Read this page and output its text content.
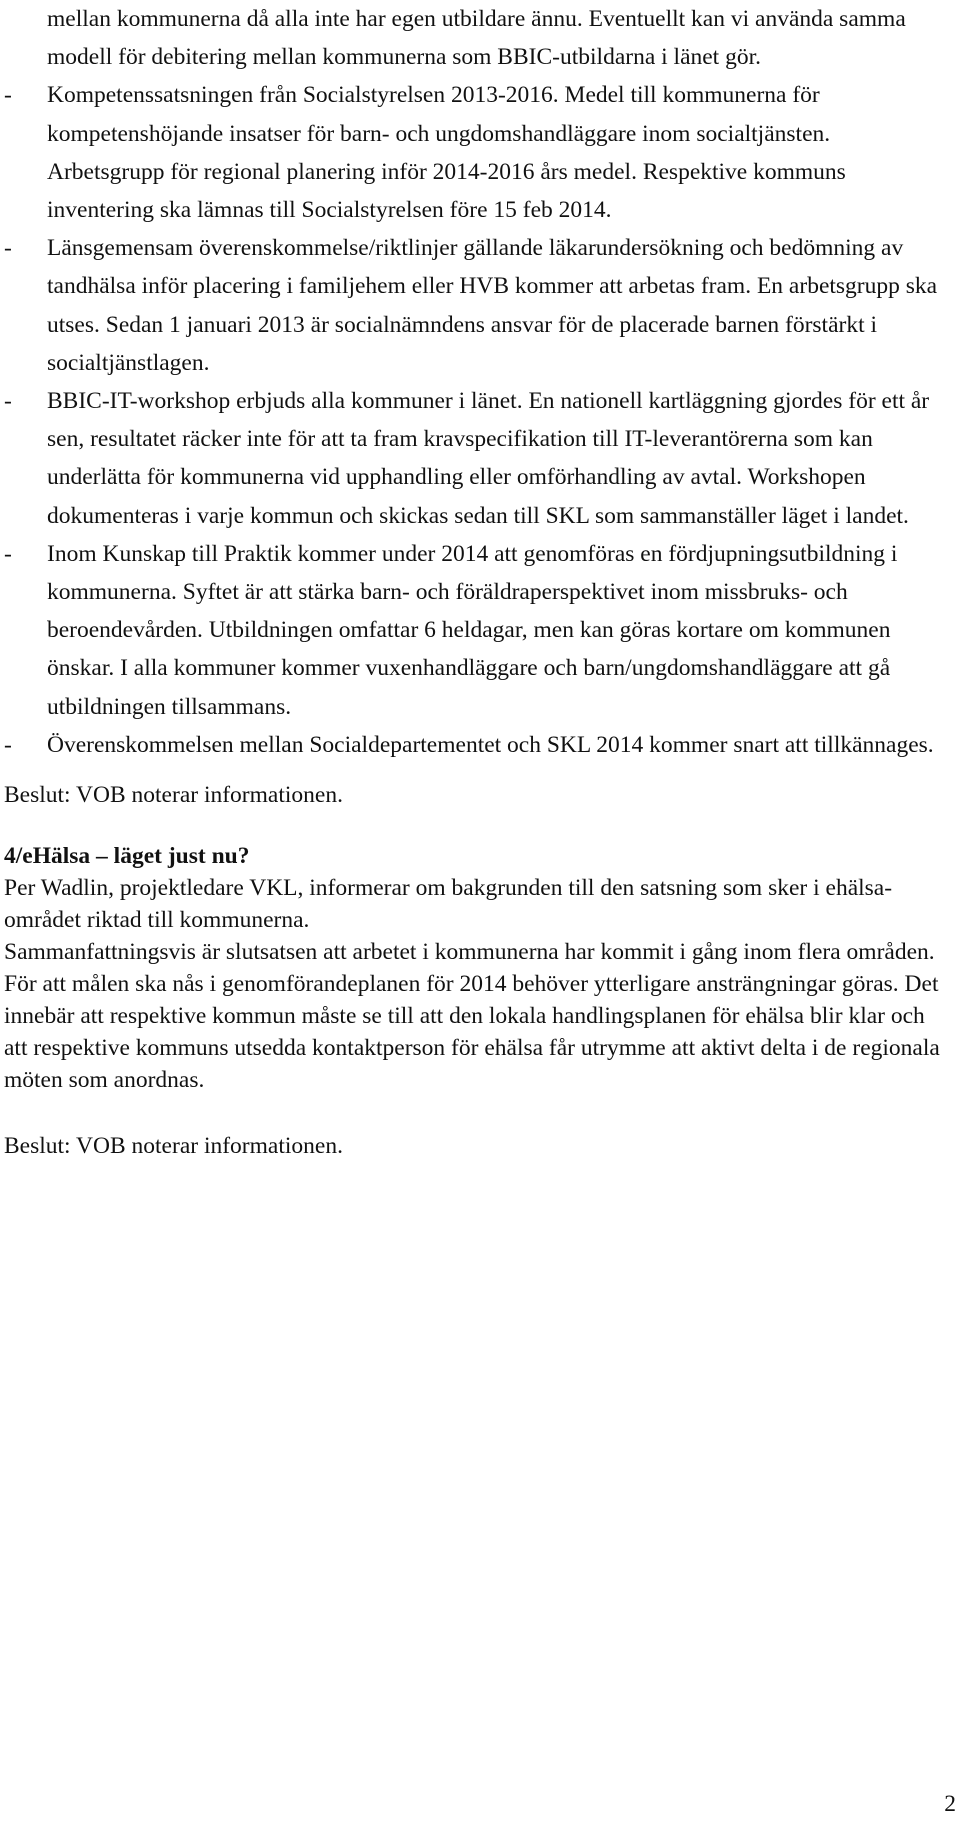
mellan kommunerna då alla inte har egen utbildare ännu. Eventuellt kan vi använda samma modell för debitering mellan kommunerna som BBIC-utbildarna i länet gör.
- Kompetenssatsningen från Socialstyrelsen 2013-2016. Medel till kommunerna för kompetenshöjande insatser för barn- och ungdomshandläggare inom socialtjänsten. Arbetsgrupp för regional planering inför 2014-2016 års medel. Respektive kommuns inventering ska lämnas till Socialstyrelsen före 15 feb 2014.
- Länsgemensam överenskommelse/riktlinjer gällande läkarundersökning och bedömning av tandhälsa inför placering i familjehem eller HVB kommer att arbetas fram. En arbetsgrupp ska utses. Sedan 1 januari 2013 är socialnämndens ansvar för de placerade barnen förstärkt i socialtjänstlagen.
- BBIC-IT-workshop erbjuds alla kommuner i länet. En nationell kartläggning gjordes för ett år sen, resultatet räcker inte för att ta fram kravspecifikation till IT-leverantörerna som kan underlätta för kommunerna vid upphandling eller omförhandling av avtal. Workshopen dokumenteras i varje kommun och skickas sedan till SKL som sammanställer läget i landet.
- Inom Kunskap till Praktik kommer under 2014 att genomföras en fördjupningsutbildning i kommunerna. Syftet är att stärka barn- och föräldraperspektivet inom missbruks- och beroendevården. Utbildningen omfattar 6 heldagar, men kan göras kortare om kommunen önskar. I alla kommuner kommer vuxenhandläggare och barn/ungdomshandläggare att gå utbildningen tillsammans.
- Överenskommelsen mellan Socialdepartementet och SKL 2014 kommer snart att tillkännages.
Beslut: VOB noterar informationen.
4/eHälsa – läget just nu?
Per Wadlin, projektledare VKL, informerar om bakgrunden till den satsning som sker i ehälsa-området riktad till kommunerna.
Sammanfattningsvis är slutsatsen att arbetet i kommunerna har kommit i gång inom flera områden. För att målen ska nås i genomförandeplanen för 2014 behöver ytterligare ansträngningar göras. Det innebär att respektive kommun måste se till att den lokala handlingsplanen för ehälsa blir klar och att respektive kommuns utsedda kontaktperson för ehälsa får utrymme att aktivt delta i de regionala möten som anordnas.
Beslut: VOB noterar informationen.
2
